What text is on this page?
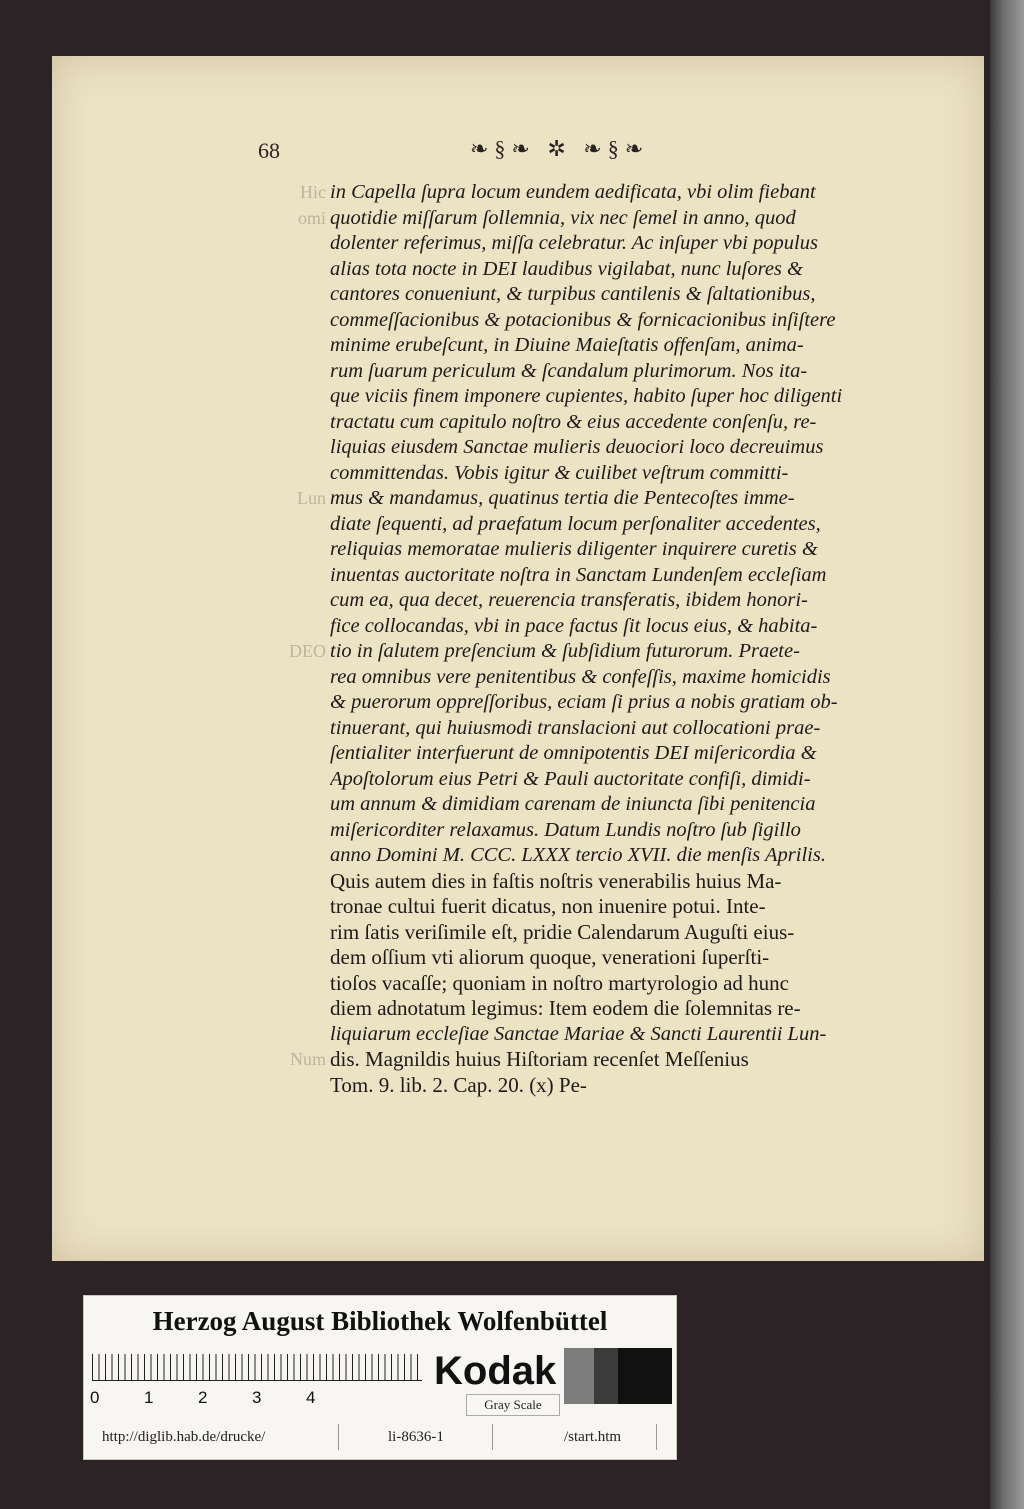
68	❧§❧ ✲ ❧§❧
Hic
omi
Lun
DEO
Num
in Capella ſupra locum eundem aedificata, vbi olim fiebant
quotidie miſſarum ſollemnia, vix nec ſemel in anno, quod
dolenter referimus, miſſa celebratur. Ac inſuper vbi populus
alias tota nocte in DEI laudibus vigilabat, nunc luſores &
cantores conueniunt, & turpibus cantilenis & ſaltationibus,
commeſſacionibus & potacionibus & fornicacionibus inſiſtere
minime erubeſcunt, in Diuine Maieſtatis offenſam, anima-
rum ſuarum periculum & ſcandalum plurimorum. Nos ita-
que viciis finem imponere cupientes, habito ſuper hoc diligenti
tractatu cum capitulo noſtro & eius accedente conſenſu, re-
liquias eiusdem Sanctae mulieris deuociori loco decreuimus
committendas. Vobis igitur & cuilibet veſtrum committi-
mus & mandamus, quatinus tertia die Pentecoſtes imme-
diate ſequenti, ad praefatum locum perſonaliter accedentes,
reliquias memoratae mulieris diligenter inquirere curetis &
inuentas auctoritate noſtra in Sanctam Lundenſem eccleſiam
cum ea, qua decet, reuerencia transferatis, ibidem honori-
fice collocandas, vbi in pace factus ſit locus eius, & habita-
tio in ſalutem preſencium & ſubſidium futurorum. Praete-
rea omnibus vere penitentibus & confeſſis, maxime homicidis
& puerorum oppreſſoribus, eciam ſi prius a nobis gratiam ob-
tinuerant, qui huiusmodi translacioni aut collocationi prae-
ſentialiter interfuerunt de omnipotentis DEI miſericordia &
Apoſtolorum eius Petri & Pauli auctoritate confiſi, dimidi-
um annum & dimidiam carenam de iniuncta ſibi penitencia
miſericorditer relaxamus. Datum Lundis noſtro ſub ſigillo
anno Domini M. CCC. LXXX tercio XVII. die menſis Aprilis.
Quis autem dies in faſtis noſtris venerabilis huius Ma-
tronae cultui fuerit dicatus, non inuenire potui. Inte-
rim ſatis veriſimile eſt, pridie Calendarum Auguſti eius-
dem oſſium vti aliorum quoque, venerationi ſuperſti-
tioſos vacaſſe; quoniam in noſtro martyrologio ad hunc
diem adnotatum legimus: Item eodem die ſolemnitas re-
liquiarum eccleſiae Sanctae Mariae & Sancti Laurentii Lun-
dis. Magnildis huius Hiſtoriam recenſet Meſſenius
Tom. 9. lib. 2. Cap. 20. (x) Pe-
Herzog August Bibliothek Wolfenbüttel
0	1	2	3	4
Kodak
Gray Scale
http://diglib.hab.de/drucke/	li-8636-1	/start.htm
